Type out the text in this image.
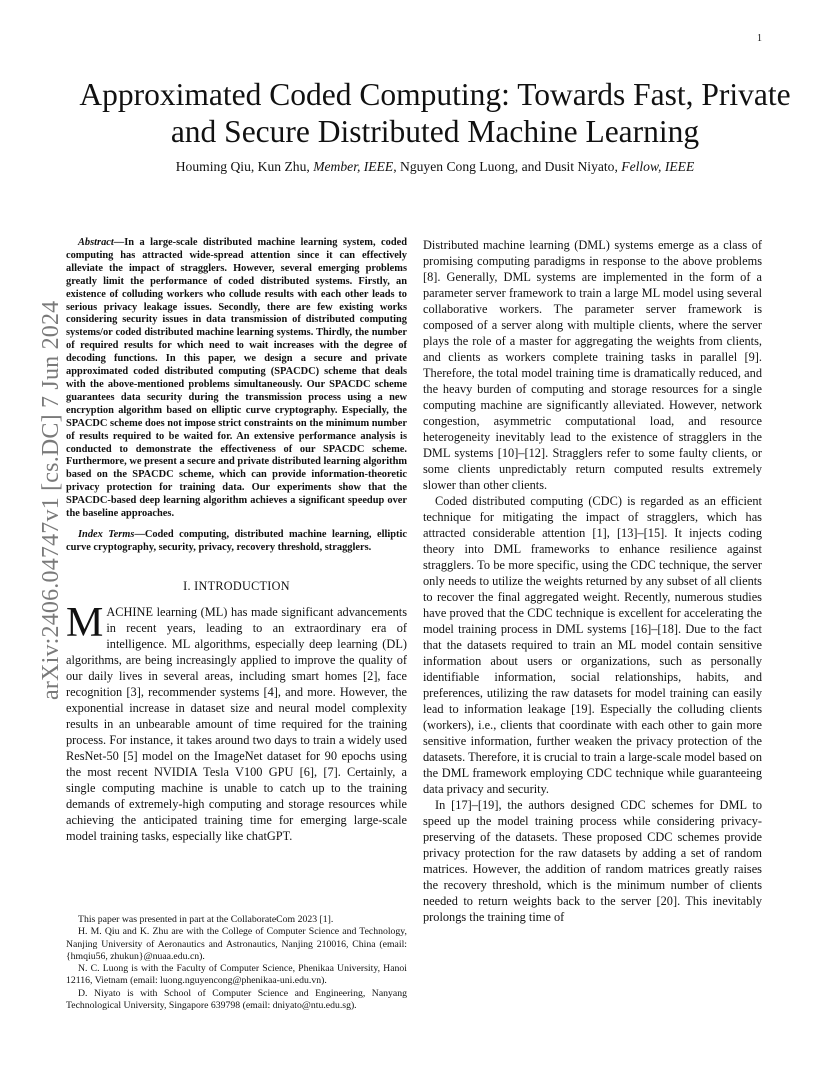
1
arXiv:2406.04747v1 [cs.DC] 7 Jun 2024
Approximated Coded Computing: Towards Fast, Private and Secure Distributed Machine Learning

Houming Qiu, Kun Zhu, Member, IEEE, Nguyen Cong Luong, and Dusit Niyato, Fellow, IEEE

Abstract—In a large-scale distributed machine learning system, coded computing has attracted wide-spread attention since it can effectively alleviate the impact of stragglers. However, several emerging problems greatly limit the performance of coded distributed systems. Firstly, an existence of colluding workers who collude results with each other leads to serious privacy leakage issues. Secondly, there are few existing works considering security issues in data transmission of distributed computing systems/or coded distributed machine learning systems. Thirdly, the number of required results for which need to wait increases with the degree of decoding functions. In this paper, we design a secure and private approximated coded distributed computing (SPACDC) scheme that deals with the above-mentioned problems simultaneously. Our SPACDC scheme guarantees data security during the transmission process using a new encryption algorithm based on elliptic curve cryptography. Especially, the SPACDC scheme does not impose strict constraints on the minimum number of results required to be waited for. An extensive performance analysis is conducted to demonstrate the effectiveness of our SPACDC scheme. Furthermore, we present a secure and private distributed learning algorithm based on the SPACDC scheme, which can provide information-theoretic privacy protection for training data. Our experiments show that the SPACDC-based deep learning algorithm achieves a significant speedup over the baseline approaches.

Index Terms—Coded computing, distributed machine learning, elliptic curve cryptography, security, privacy, recovery threshold, stragglers.

I. INTRODUCTION

MACHINE learning (ML) has made significant advancements in recent years, leading to an extraordinary era of intelligence. ML algorithms, especially deep learning (DL) algorithms, are being increasingly applied to improve the quality of our daily lives in several areas, including smart homes [2], face recognition [3], recommender systems [4], and more. However, the exponential increase in dataset size and neural model complexity results in an unbearable amount of time required for the training process. For instance, it takes around two days to train a widely used ResNet-50 [5] model on the ImageNet dataset for 90 epochs using the most recent NVIDIA Tesla V100 GPU [6], [7]. Certainly, a single computing machine is unable to catch up to the training demands of extremely-high computing and storage resources while achieving the anticipated training time for emerging large-scale model training tasks, especially like chatGPT.

Distributed machine learning (DML) systems emerge as a class of promising computing paradigms in response to the above problems [8]. Generally, DML systems are implemented in the form of a parameter server framework to train a large ML model using several collaborative workers. The parameter server framework is composed of a server along with multiple clients, where the server plays the role of a master for aggregating the weights from clients, and clients as workers complete training tasks in parallel [9]. Therefore, the total model training time is dramatically reduced, and the heavy burden of computing and storage resources for a single computing machine are significantly alleviated. However, network congestion, asymmetric computational load, and resource heterogeneity inevitably lead to the existence of stragglers in the DML systems [10]–[12]. Stragglers refer to some faulty clients, or some clients unpredictably return computed results extremely slower than other clients.

Coded distributed computing (CDC) is regarded as an efficient technique for mitigating the impact of stragglers, which has attracted considerable attention [1], [13]–[15]. It injects coding theory into DML frameworks to enhance resilience against stragglers. To be more specific, using the CDC technique, the server only needs to utilize the weights returned by any subset of all clients to recover the final aggregated weight. Recently, numerous studies have proved that the CDC technique is excellent for accelerating the model training process in DML systems [16]–[18]. Due to the fact that the datasets required to train an ML model contain sensitive information about users or organizations, such as personally identifiable information, social relationships, habits, and preferences, utilizing the raw datasets for model training can easily lead to information leakage [19]. Especially the colluding clients (workers), i.e., clients that coordinate with each other to gain more sensitive information, further weaken the privacy protection of the datasets. Therefore, it is crucial to train a large-scale model based on the DML framework employing CDC technique while guaranteeing data privacy and security.

In [17]–[19], the authors designed CDC schemes for DML to speed up the model training process while considering privacy-preserving of the datasets. These proposed CDC schemes provide privacy protection for the raw datasets by adding a set of random matrices. However, the addition of random matrices greatly raises the recovery threshold, which is the minimum number of clients needed to return weights back to the server [20]. This inevitably prolongs the training time of

This paper was presented in part at the CollaborateCom 2023 [1].

H. M. Qiu and K. Zhu are with the College of Computer Science and Technology, Nanjing University of Aeronautics and Astronautics, Nanjing 210016, China (email: {hmqiu56, zhukun}@nuaa.edu.cn).

N. C. Luong is with the Faculty of Computer Science, Phenikaa University, Hanoi 12116, Vietnam (email: luong.nguyencong@phenikaa-uni.edu.vn).

D. Niyato is with School of Computer Science and Engineering, Nanyang Technological University, Singapore 639798 (email: dniyato@ntu.edu.sg).
